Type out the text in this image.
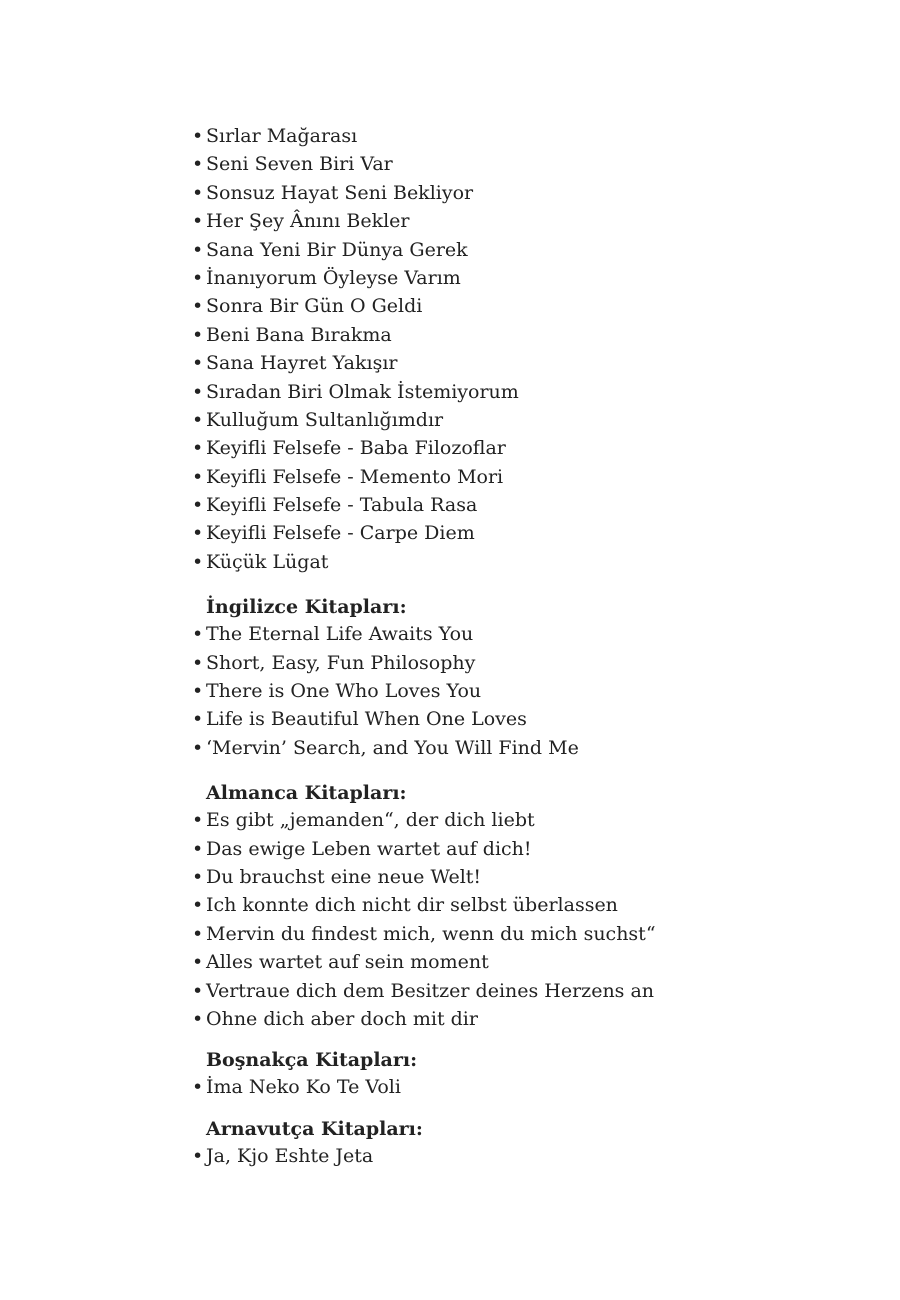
• Sırlar Mağarası
• Seni Seven Biri Var
• Sonsuz Hayat Seni Bekliyor
• Her Şey Ânını Bekler
• Sana Yeni Bir Dünya Gerek
• İnanıyorum Öyleyse Varım
• Sonra Bir Gün O Geldi
• Beni Bana Bırakma
• Sana Hayret Yakışır
• Sıradan Biri Olmak İstemiyorum
• Kulluğum Sultanlığımdır
• Keyifli Felsefe - Baba Filozoflar
• Keyifli Felsefe - Memento Mori
• Keyifli Felsefe - Tabula Rasa
• Keyifli Felsefe - Carpe Diem
• Küçük Lügat

İngilizce Kitapları:

• The Eternal Life Awaits You
• Short, Easy, Fun Philosophy
• There is One Who Loves You
• Life is Beautiful When One Loves
• ‘Mervin’ Search, and You Will Find Me

Almanca Kitapları:

• Es gibt „jemanden“, der dich liebt
• Das ewige Leben wartet auf dich!
• Du brauchst eine neue Welt!
• Ich konnte dich nicht dir selbst überlassen
• Mervin du findest mich, wenn du mich suchst“
• Alles wartet auf sein moment
• Vertraue dich dem Besitzer deines Herzens an
• Ohne dich aber doch mit dir

Boşnakça Kitapları:

• İma Neko Ko Te Voli

Arnavutça Kitapları:

• Ja, Kjo Eshte Jeta
